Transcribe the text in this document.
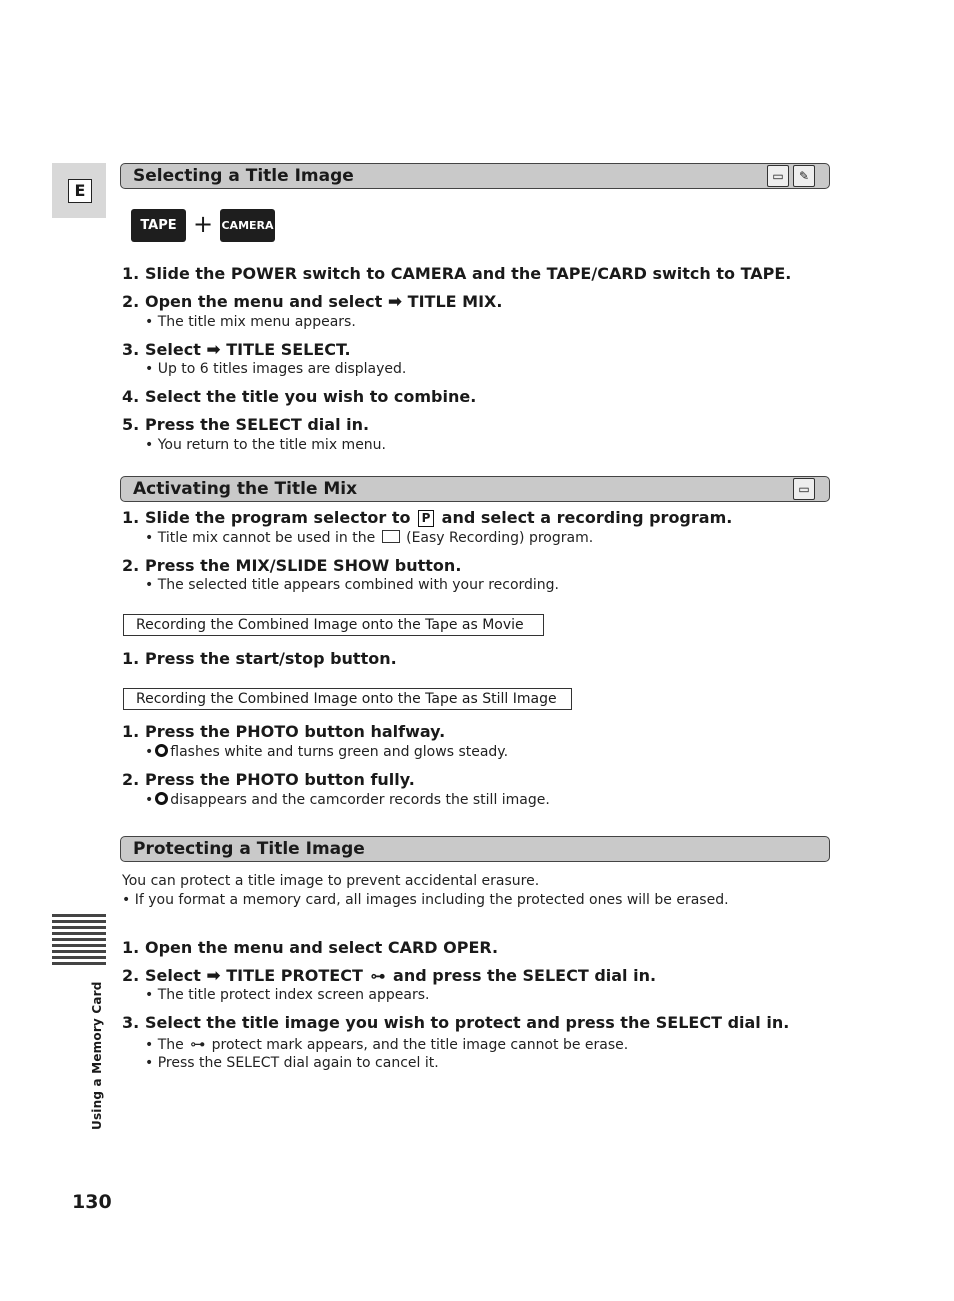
E
Using a Memory Card
Selecting a Title Image	▭	✎
TAPE + CAMERA
1. Slide the POWER switch to CAMERA and the TAPE/CARD switch to TAPE.
2. Open the menu and select ➡ TITLE MIX.
• The title mix menu appears.
3. Select ➡ TITLE SELECT.
• Up to 6 titles images are displayed.
4. Select the title you wish to combine.
5. Press the SELECT dial in.
• You return to the title mix menu.
Activating the Title Mix	▭
1. Slide the program selector to P and select a recording program.
• Title mix cannot be used in the (Easy Recording) program.
2. Press the MIX/SLIDE SHOW button.
• The selected title appears combined with your recording.
Recording the Combined Image onto the Tape as Movie
1. Press the start/stop button.
Recording the Combined Image onto the Tape as Still Image
1. Press the PHOTO button halfway.
• flashes white and turns green and glows steady.
2. Press the PHOTO button fully.
• disappears and the camcorder records the still image.
Protecting a Title Image
You can protect a title image to prevent accidental erasure.
• If you format a memory card, all images including the protected ones will be erased.
1. Open the menu and select CARD OPER.
2. Select ➡ TITLE PROTECT ⊶ and press the SELECT dial in.
• The title protect index screen appears.
3. Select the title image you wish to protect and press the SELECT dial in.
• The ⊶ protect mark appears, and the title image cannot be erase.
• Press the SELECT dial again to cancel it.
130
